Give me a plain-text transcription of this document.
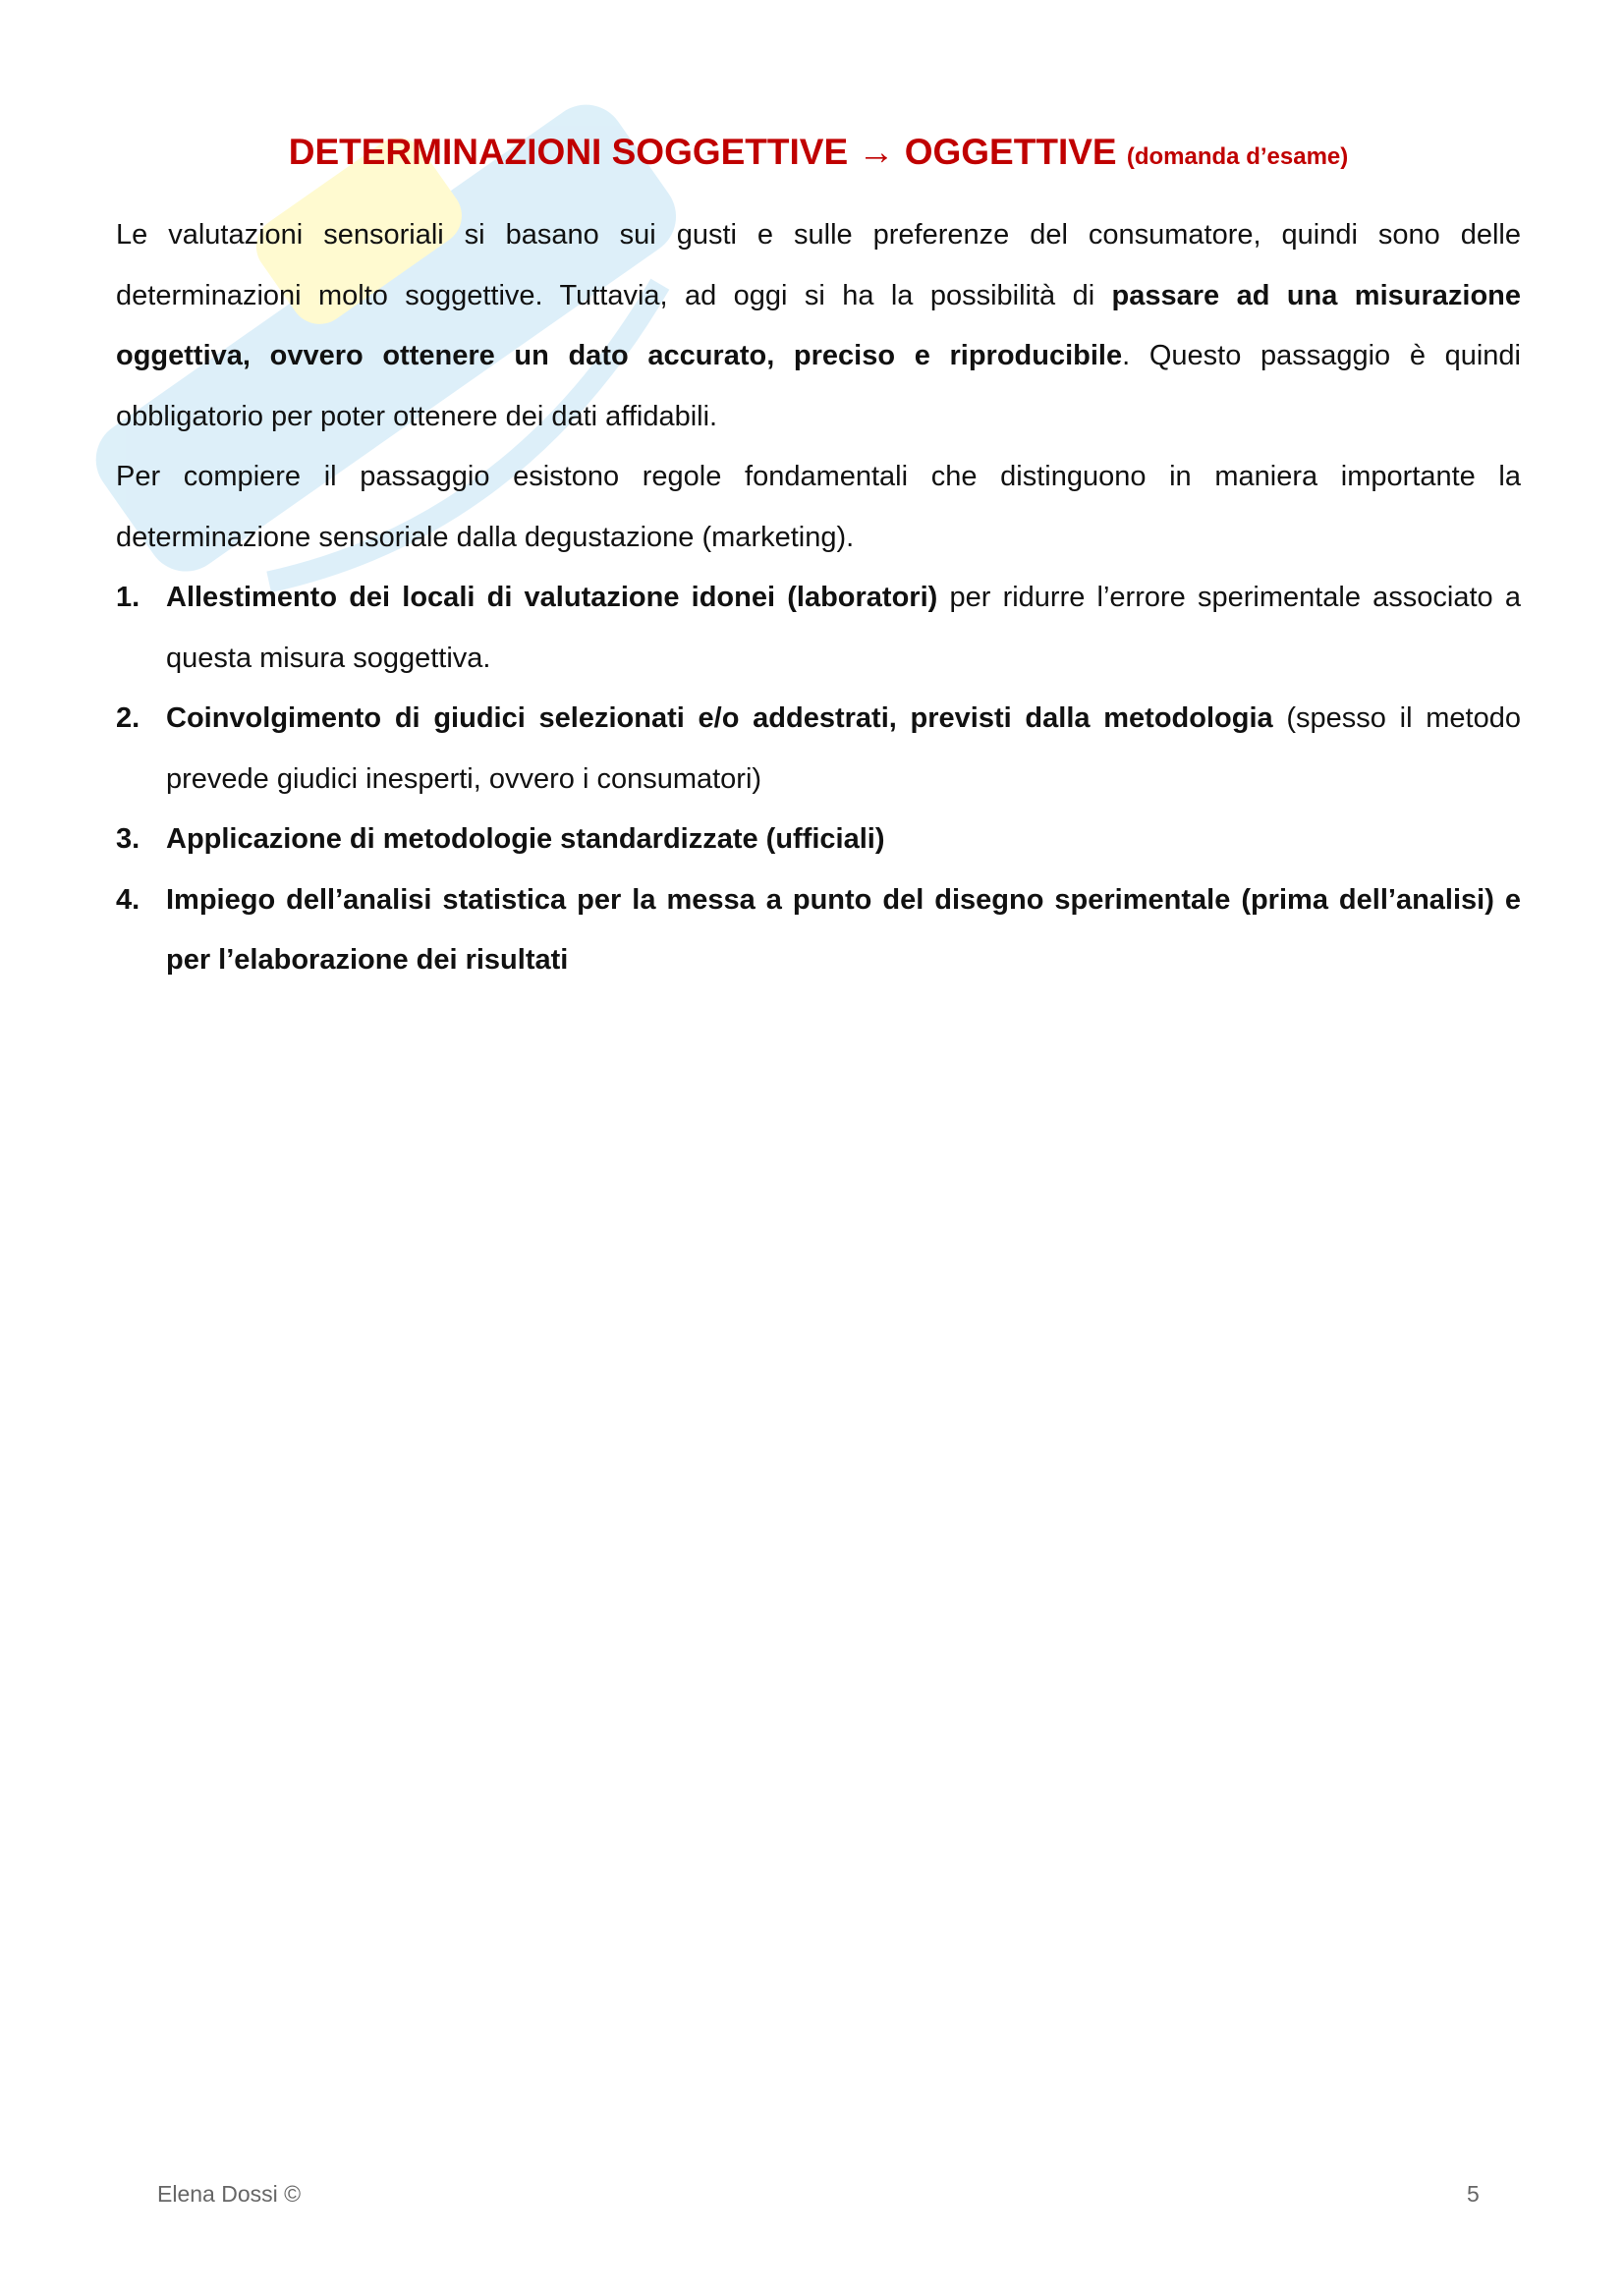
DETERMINAZIONI SOGGETTIVE → OGGETTIVE (domanda d’esame)

Le valutazioni sensoriali si basano sui gusti e sulle preferenze del consumatore, quindi sono delle determinazioni molto soggettive. Tuttavia, ad oggi si ha la possibilità di passare ad una misurazione oggettiva, ovvero ottenere un dato accurato, preciso e riproducibile. Questo passaggio è quindi obbligatorio per poter ottenere dei dati affidabili.

Per compiere il passaggio esistono regole fondamentali che distinguono in maniera importante la determinazione sensoriale dalla degustazione (marketing).

1. Allestimento dei locali di valutazione idonei (laboratori) per ridurre l’errore sperimentale associato a questa misura soggettiva.
2. Coinvolgimento di giudici selezionati e/o addestrati, previsti dalla metodologia (spesso il metodo prevede giudici inesperti, ovvero i consumatori)
3. Applicazione di metodologie standardizzate (ufficiali)
4. Impiego dell’analisi statistica per la messa a punto del disegno sperimentale (prima dell’analisi) e per l’elaborazione dei risultati
Elena Dossi ©	5
